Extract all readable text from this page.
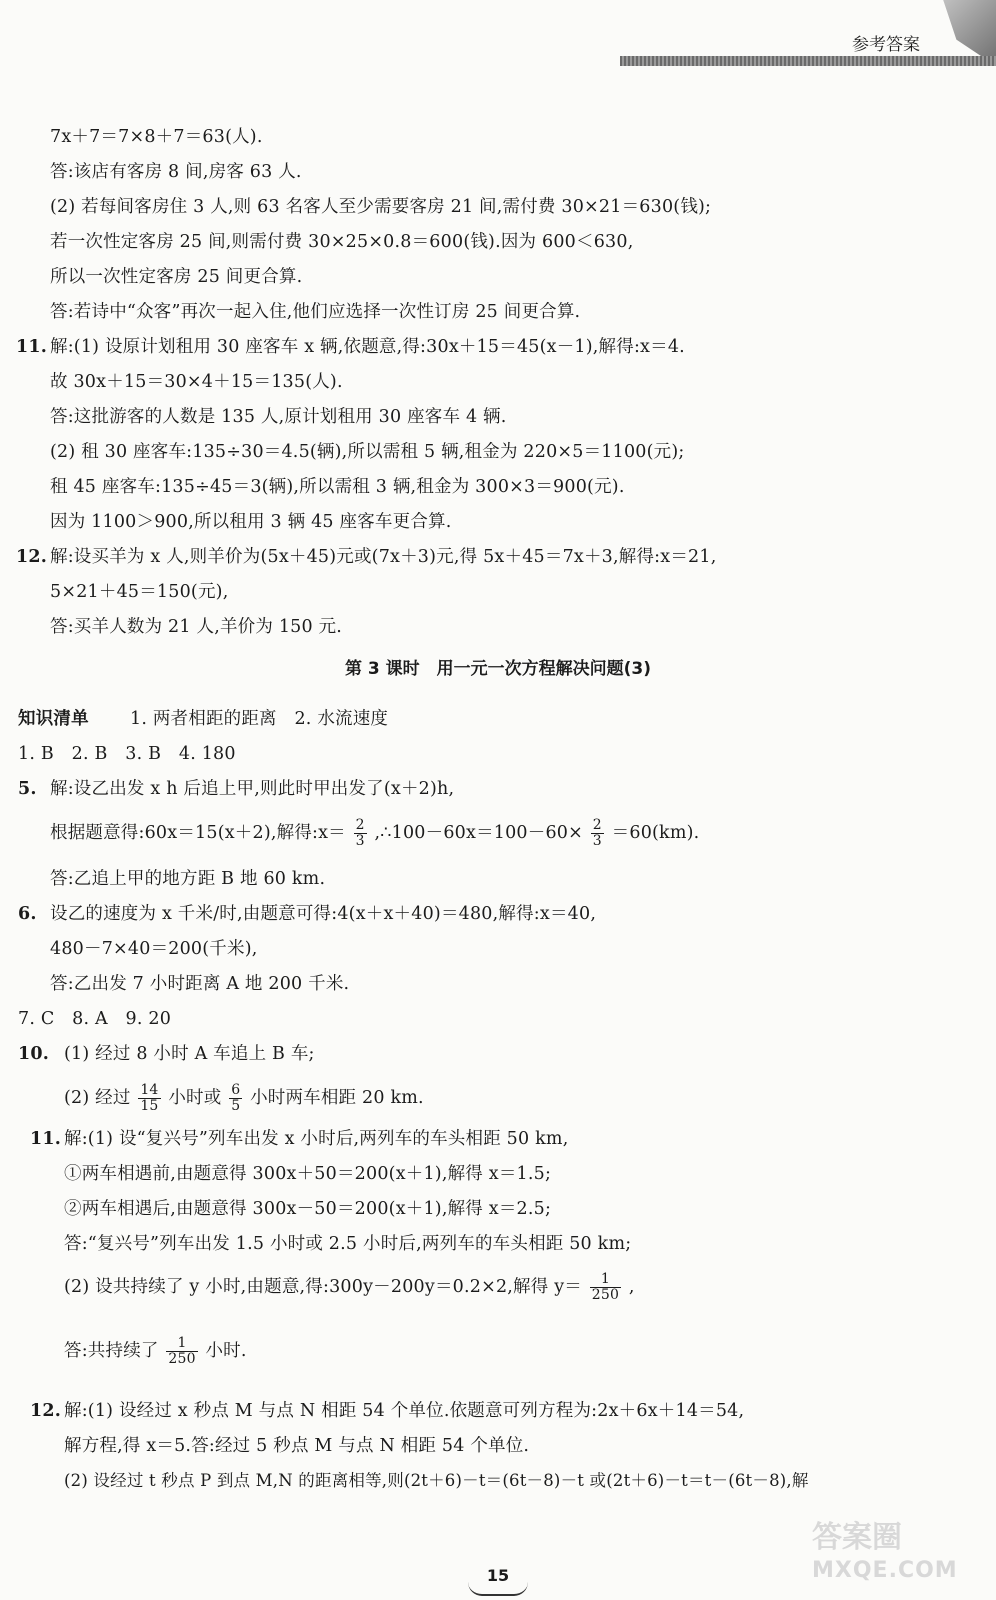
参考答案
7x＋7＝7×8＋7＝63(人).
答:该店有客房 8 间,房客 63 人.
(2) 若每间客房住 3 人,则 63 名客人至少需要客房 21 间,需付费 30×21＝630(钱);
若一次性定客房 25 间,则需付费 30×25×0.8＝600(钱).因为 600＜630,
所以一次性定客房 25 间更合算.
答:若诗中“众客”再次一起入住,他们应选择一次性订房 25 间更合算.
11. 解:(1) 设原计划租用 30 座客车 x 辆,依题意,得:30x＋15＝45(x－1),解得:x＝4.
故 30x＋15＝30×4＋15＝135(人).
答:这批游客的人数是 135 人,原计划租用 30 座客车 4 辆.
(2) 租 30 座客车:135÷30＝4.5(辆),所以需租 5 辆,租金为 220×5＝1100(元);
租 45 座客车:135÷45＝3(辆),所以需租 3 辆,租金为 300×3＝900(元).
因为 1100＞900,所以租用 3 辆 45 座客车更合算.
12. 解:设买羊为 x 人,则羊价为(5x＋45)元或(7x＋3)元,得 5x＋45＝7x＋3,解得:x＝21,
5×21＋45＝150(元),
答:买羊人数为 21 人,羊价为 150 元.
第 3 课时　用一元一次方程解决问题(3)
知识清单 1. 两者相距的距离　2. 水流速度
1. B　2. B　3. B　4. 180
5. 解:设乙出发 x h 后追上甲,则此时甲出发了(x＋2)h,
根据题意得:60x＝15(x＋2),解得:x＝ $\frac{2}{3}$ ,∴100－60x＝100－60× $\frac{2}{3} =60(km)$.
答:乙追上甲的地方距 B 地 60 km.
6. 设乙的速度为 x 千米/时,由题意可得:4(x＋x＋40)＝480,解得:x＝40,
480－7×40＝200(千米),
答:乙出发 7 小时距离 A 地 200 千米.
7. C　8. A　9. 20
10. (1) 经过 8 小时 A 车追上 B 车;
(2) 经过 $\frac{14}{15}$ 小时或 $\frac{6}{5}$ 小时两车相距 20 km.
11. 解:(1) 设“复兴号”列车出发 x 小时后,两列车的车头相距 50 km,
①两车相遇前,由题意得 300x＋50＝200(x＋1),解得 x＝1.5;
②两车相遇后,由题意得 300x－50＝200(x＋1),解得 x＝2.5;
答:“复兴号”列车出发 1.5 小时或 2.5 小时后,两列车的车头相距 50 km;
(2) 设共持续了 y 小时,由题意,得:300y－200y＝0.2×2,解得 $y= \frac{1}{250}$ ,
答:共持续了 $\frac{1}{250}$ 小时.
12. 解:(1) 设经过 x 秒点 M 与点 N 相距 54 个单位.依题意可列方程为:2x＋6x＋14＝54,
解方程,得 x＝5.答:经过 5 秒点 M 与点 N 相距 54 个单位.
(2) 设经过 t 秒点 P 到点 M,N 的距离相等,则(2t＋6)－t＝(6t－8)－t 或(2t＋6)－t＝t－(6t－8),解
15
答案圈
MXQE.COM
